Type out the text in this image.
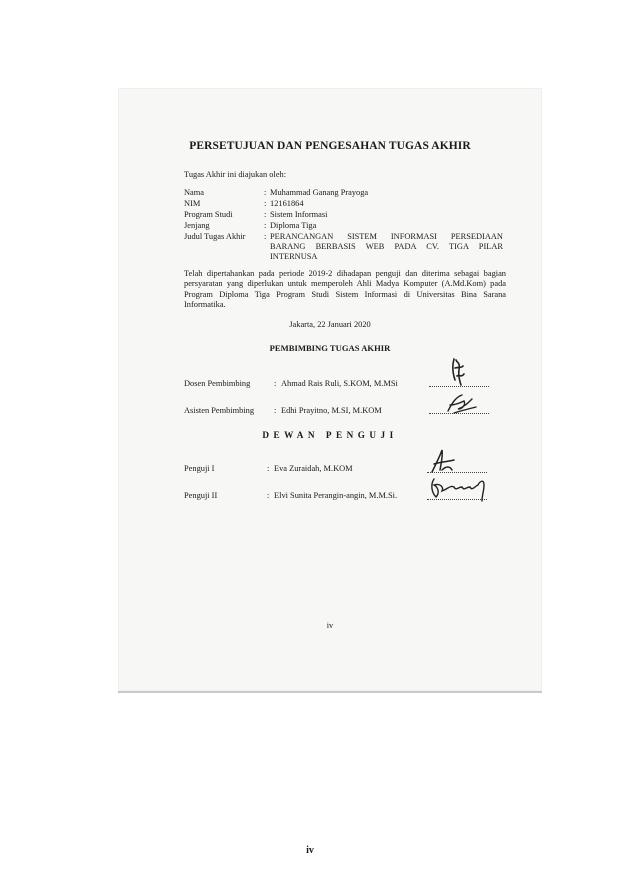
PERSETUJUAN DAN PENGESAHAN TUGAS AKHIR
Tugas Akhir ini diajukan oleh:
Nama	: Muhammad Ganang Prayoga
NIM	: 12161864
Program Studi	: Sistem Informasi
Jenjang	: Diploma Tiga
Judul Tugas Akhir : PERANCANGAN SISTEM INFORMASI PERSEDIAAN BARANG BERBASIS WEB PADA CV. TIGA PILAR INTERNUSA
Telah dipertahankan pada periode 2019-2 dihadapan penguji dan diterima sebagai bagian persyaratan yang diperlukan untuk memperoleh Ahli Madya Komputer (A.Md.Kom) pada Program Diploma Tiga Program Studi Sistem Informasi di Universitas Bina Sarana Informatika.
Jakarta, 22 Januari 2020
PEMBIMBING TUGAS AKHIR
Dosen Pembimbing	: Ahmad Rais Ruli, S.KOM, M.MSi
Asisten Pembimbing : Edhi Prayitno, M.SI, M.KOM
DEWAN PENGUJI
Penguji I	: Eva Zuraidah, M.KOM
Penguji II	: Elvi Sunita Perangin-angin, M.M.Si.
iv
iv
